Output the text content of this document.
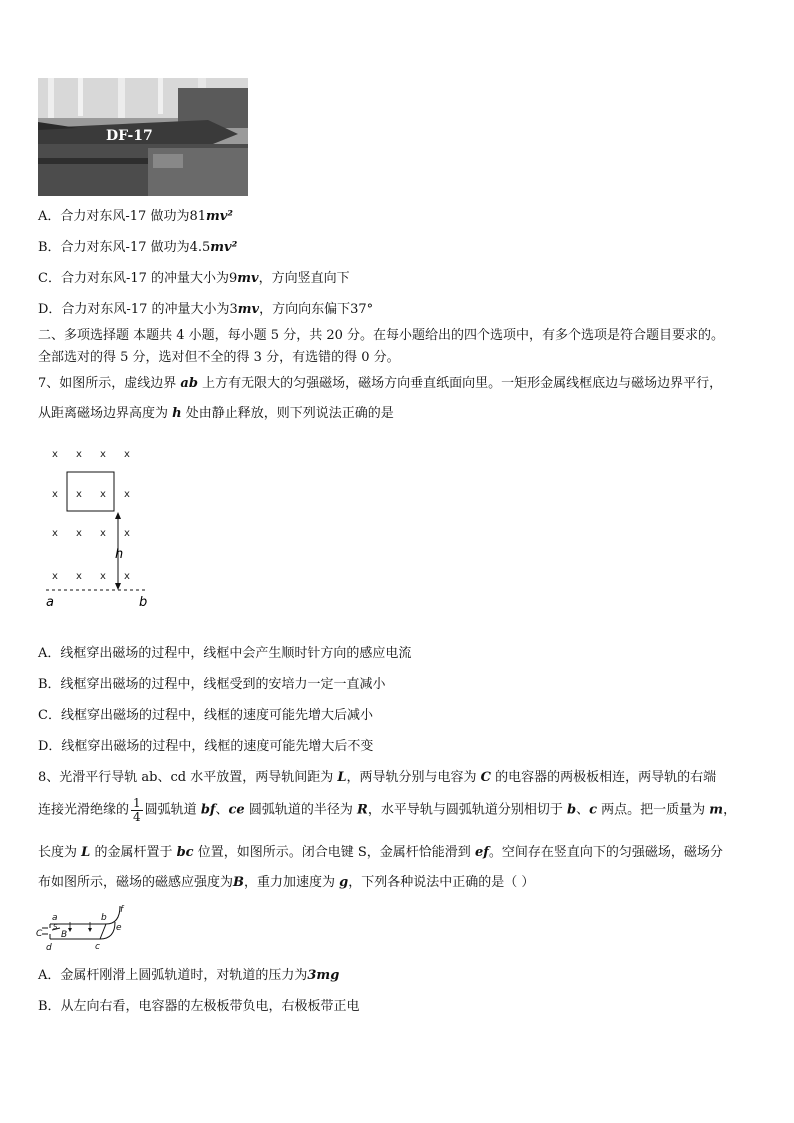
DF-17
A．合力对东风-17 做功为81mv²
B．合力对东风-17 做功为4.5mv²
C．合力对东风-17 的冲量大小为9mv，方向竖直向下
D．合力对东风-17 的冲量大小为3mv，方向向东偏下37°
二、多项选择题 本题共 4 小题，每小题 5 分，共 20 分。在每小题给出的四个选项中，有多个选项是符合题目要求的。
全部选对的得 5 分，选对但不全的得 3 分，有选错的得 0 分。
7、如图所示，虚线边界 ab 上方有无限大的匀强磁场，磁场方向垂直纸面向里。一矩形金属线框底边与磁场边界平行，
从距离磁场边界高度为 h 处由静止释放，则下列说法正确的是
x x x x
x x x x
x x x x
x x x x
h
a	b
A．线框穿出磁场的过程中，线框中会产生顺时针方向的感应电流
B．线框穿出磁场的过程中，线框受到的安培力一定一直减小
C．线框穿出磁场的过程中，线框的速度可能先增大后减小
D．线框穿出磁场的过程中，线框的速度可能先增大后不变
8、光滑平行导轨 ab、cd 水平放置，两导轨间距为 L，两导轨分别与电容为 C 的电容器的两极板相连，两导轨的右端
连接光滑绝缘的 $\frac{1}{4}$ 圆弧轨道 bf、ce 圆弧轨道的半径为 R，水平导轨与圆弧轨道分别相切于 b、c 两点。把一质量为 m，
长度为 L 的金属杆置于 bc 位置，如图所示。闭合电键 S，金属杆恰能滑到 ef。空间存在竖直向下的匀强磁场，磁场分
布如图所示，磁场的磁感应强度为B，重力加速度为 g，下列各种说法中正确的是（ ）
a	b
c
d
e
f
C
S
B
A．金属杆刚滑上圆弧轨道时，对轨道的压力为3mg
B．从左向右看，电容器的左极板带负电，右极板带正电
